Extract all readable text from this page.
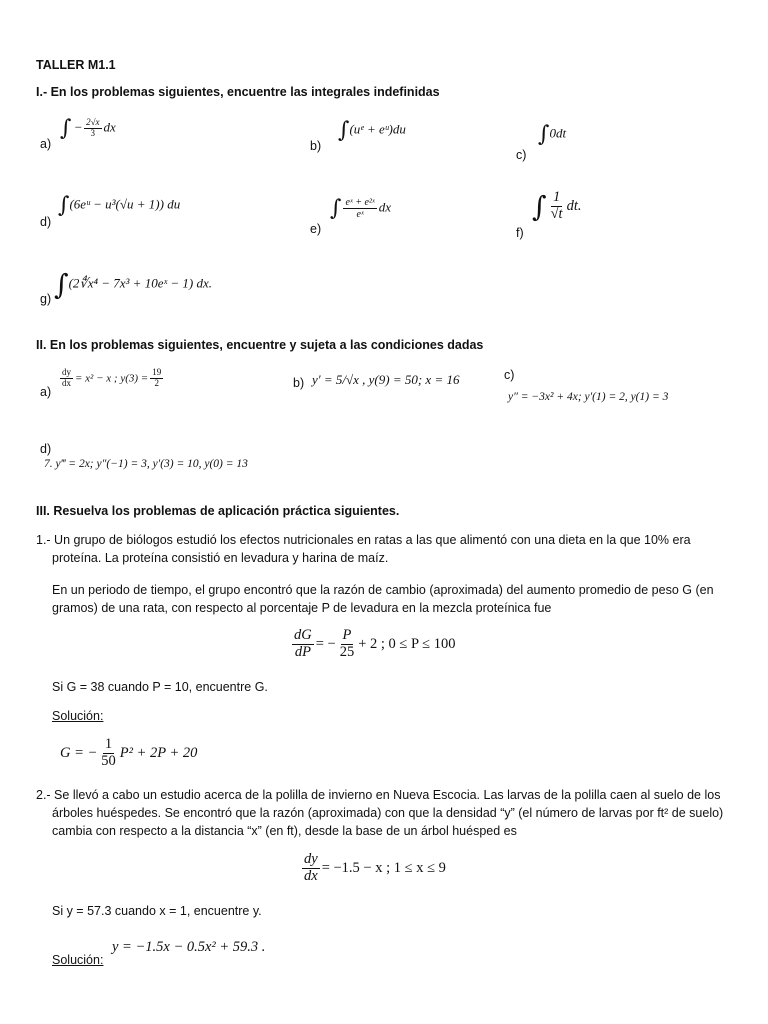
TALLER M1.1
I.- En los problemas siguientes, encuentre las integrales indefinidas
a)
∫ − $\frac{2√x}{3}$ dx
b)
∫(uᵉ + eᵘ)du
c)
∫0dt
d)
∫(6eᵘ − u³(√u + 1)) du
e)
∫ $\frac{\text{eˣ + e²ˣ}}{\text{eˣ}}$ dx
f)
∫ $\frac{1}{√t}$ dt.
g) ∫(2∜x⁴ − 7x³ + 10eˣ − 1) dx.
II. En los problemas siguientes, encuentre y sujeta a las condiciones dadas
a)
$\frac{dy}{dx} = x^2 - x$ ; $y(3) = \frac{19}{2}$	b) y′ = 5/√x , y(9) = 50; x = 16	c)
y″ = −3x² + 4x; y′(1) = 2, y(1) = 3
d)
7. y‴ = 2x; y″(−1) = 3, y′(3) = 10, y(0) = 13
III. Resuelva los problemas de aplicación práctica siguientes.
1.- Un grupo de biólogos estudió los efectos nutricionales en ratas a las que alimentó con una dieta en la que 10% era
proteína. La proteína consistió en levadura y harina de maíz.
En un periodo de tiempo, el grupo encontró que la razón de cambio (aproximada) del aumento promedio de peso G (en
gramos) de una rata, con respecto al porcentaje P de levadura en la mezcla proteínica fue
$\frac{dG}{dP}$ = − $\frac{P}{25} + 2$ ; 0 ≤ P ≤ 100
Si G = 38 cuando P = 10, encuentre G.
Solución:
G = − $\frac{1}{50} P^2 + 2P + 20$
2.- Se llevó a cabo un estudio acerca de la polilla de invierno en Nueva Escocia. Las larvas de la polilla caen al suelo de los
árboles huéspedes. Se encontró que la razón (aproximada) con que la densidad “y” (el número de larvas por ft² de suelo)
cambia con respecto a la distancia “x” (en ft), desde la base de un árbol huésped es
$\frac{dy}{dx} = -1.5 - x$ ; 1 ≤ x ≤ 9
Si y = 57.3 cuando x = 1, encuentre y.
y = −1.5x − 0.5x² + 59.3 .
Solución:
